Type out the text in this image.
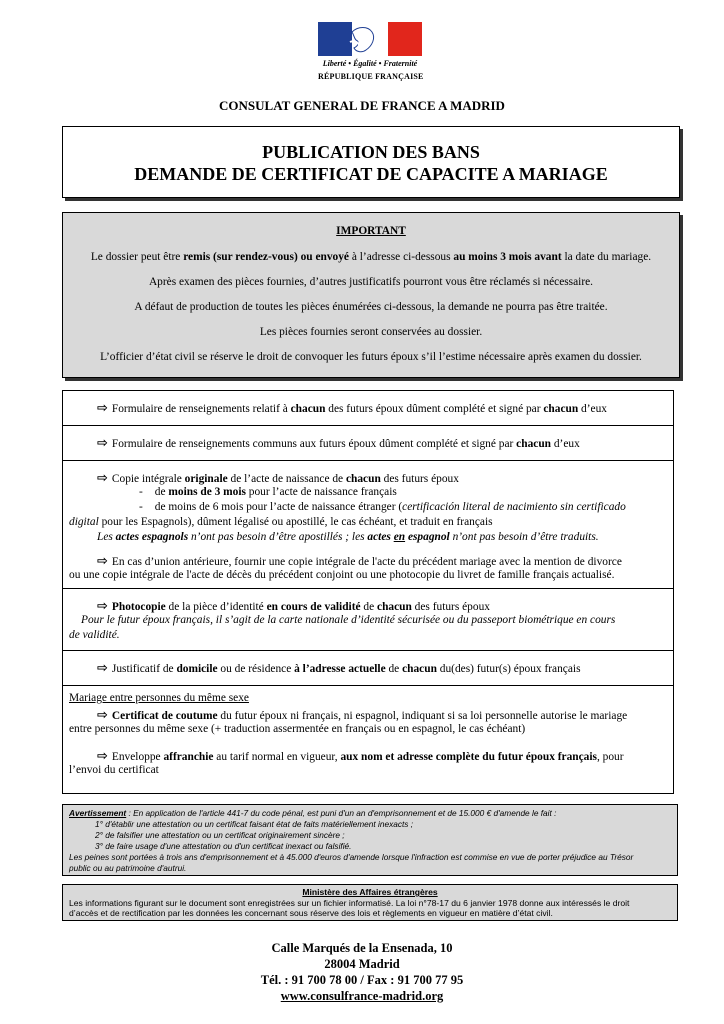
Liberté • Égalité • Fraternité
RÉPUBLIQUE FRANÇAISE
CONSULAT GENERAL DE FRANCE A MADRID
PUBLICATION DES BANS
DEMANDE DE CERTIFICAT DE CAPACITE A MARIAGE
IMPORTANT
Le dossier peut être remis (sur rendez-vous) ou envoyé à l’adresse ci-dessous au moins 3 mois avant la date du mariage.
Après examen des pièces fournies, d’autres justificatifs pourront vous être réclamés si nécessaire.
A défaut de production de toutes les pièces énumérées ci-dessous, la demande ne pourra pas être traitée.
Les pièces fournies seront conservées au dossier.
L’officier d’état civil se réserve le droit de convoquer les futurs époux s’il l’estime nécessaire après examen du dossier.
⇨ Formulaire de renseignements relatif à chacun des futurs époux dûment complété et signé par chacun d’eux
⇨ Formulaire de renseignements communs aux futurs époux dûment complété et signé par chacun d’eux
⇨ Copie intégrale originale de l’acte de naissance de chacun des futurs époux
- de moins de 3 mois pour l’acte de naissance français
- de moins de 6 mois pour l’acte de naissance étranger (certificación literal de nacimiento sin certificado
digital pour les Espagnols), dûment légalisé ou apostillé, le cas échéant, et traduit en français
Les actes espagnols n’ont pas besoin d’être apostillés ; les actes en espagnol n’ont pas besoin d’être traduits.
⇨ En cas d’union antérieure, fournir une copie intégrale de l'acte du précédent mariage avec la mention de divorce
ou une copie intégrale de l'acte de décès du précédent conjoint ou une photocopie du livret de famille français actualisé.
⇨ Photocopie de la pièce d’identité en cours de validité de chacun des futurs époux
Pour le futur époux français, il s’agit de la carte nationale d’identité sécurisée ou du passeport biométrique en cours
de validité.
⇨ Justificatif de domicile ou de résidence à l’adresse actuelle de chacun du(des) futur(s) époux français
Mariage entre personnes du même sexe
⇨ Certificat de coutume du futur époux ni français, ni espagnol, indiquant si sa loi personnelle autorise le mariage
entre personnes du même sexe (+ traduction assermentée en français ou en espagnol, le cas échéant)
⇨ Enveloppe affranchie au tarif normal en vigueur, aux nom et adresse complète du futur époux français, pour
l’envoi du certificat
Avertissement : En application de l'article 441-7 du code pénal, est puni d'un an d'emprisonnement et de 15.000 € d'amende le fait :
1° d'établir une attestation ou un certificat faisant état de faits matériellement inexacts ;
2° de falsifier une attestation ou un certificat originairement sincère ;
3° de faire usage d'une attestation ou d'un certificat inexact ou falsifié.
Les peines sont portées à trois ans d'emprisonnement et à 45.000 d'euros d'amende lorsque l'infraction est commise en vue de porter préjudice au Trésor
public ou au patrimoine d'autrui.
Ministère des Affaires étrangères
Les informations figurant sur le document sont enregistrées sur un fichier informatisé. La loi n°78-17 du 6 janvier 1978 donne aux intéressés le droit
d’accès et de rectification par les données les concernant sous réserve des lois et règlements en vigueur en matière d’état civil.
Calle Marqués de la Ensenada, 10
28004 Madrid
Tél. : 91 700 78 00 / Fax : 91 700 77 95
www.consulfrance-madrid.org
